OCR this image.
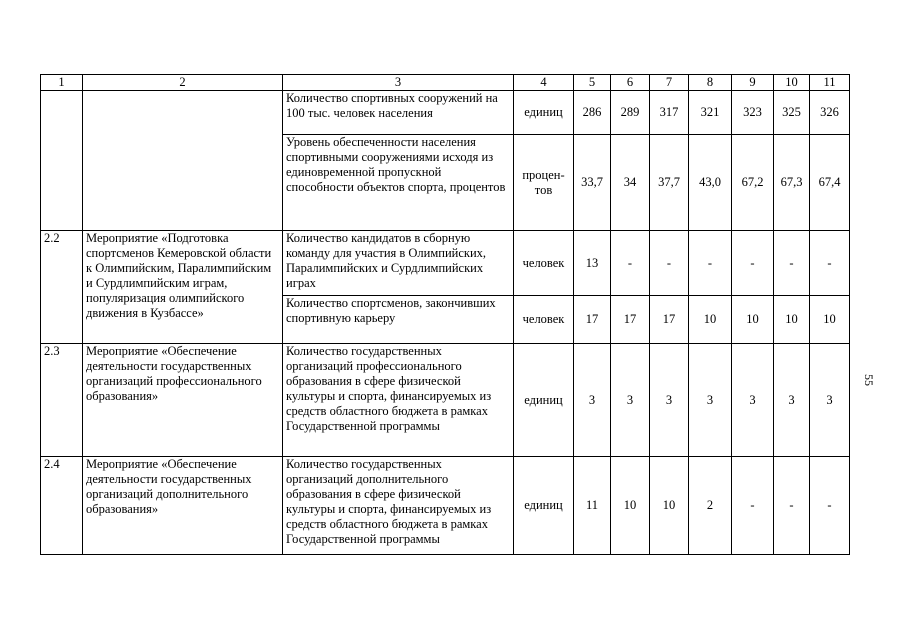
1	2	3	4	5	6	7	8	9	10	11
		Количество спортивных сооружений на 100 тыс. человек населения	единиц	286	289	317	321	323	325	326
		Уровень обеспеченности населения спортивными сооружениями исходя из единовременной пропускной способности объектов спорта, процентов	процен-тов	33,7	34	37,7	43,0	67,2	67,3	67,4
2.2	Мероприятие «Подготовка спортсменов Кемеровской области к Олимпийским, Паралимпийским и Сурдлимпийским играм, популяризация олимпийского движения в Кузбассе»	Количество кандидатов в сборную команду для участия в Олимпийских, Паралимпийских и Сурдлимпийских играх	человек	13	-	-	-	-	-	-
		Количество спортсменов, закончивших спортивную карьеру	человек	17	17	17	10	10	10	10
2.3	Мероприятие «Обеспечение деятельности государственных организаций профессионального образования»	Количество государственных организаций профессионального образования в сфере физической культуры и спорта, финансируемых из средств областного бюджета в рамках Государственной программы	единиц	3	3	3	3	3	3	3
2.4	Мероприятие «Обеспечение деятельности государственных организаций дополнительного образования»	Количество государственных организаций дополнительного образования в сфере физической культуры и спорта, финансируемых из средств областного бюджета в рамках Государственной программы	единиц	11	10	10	2	-	-	-
55
